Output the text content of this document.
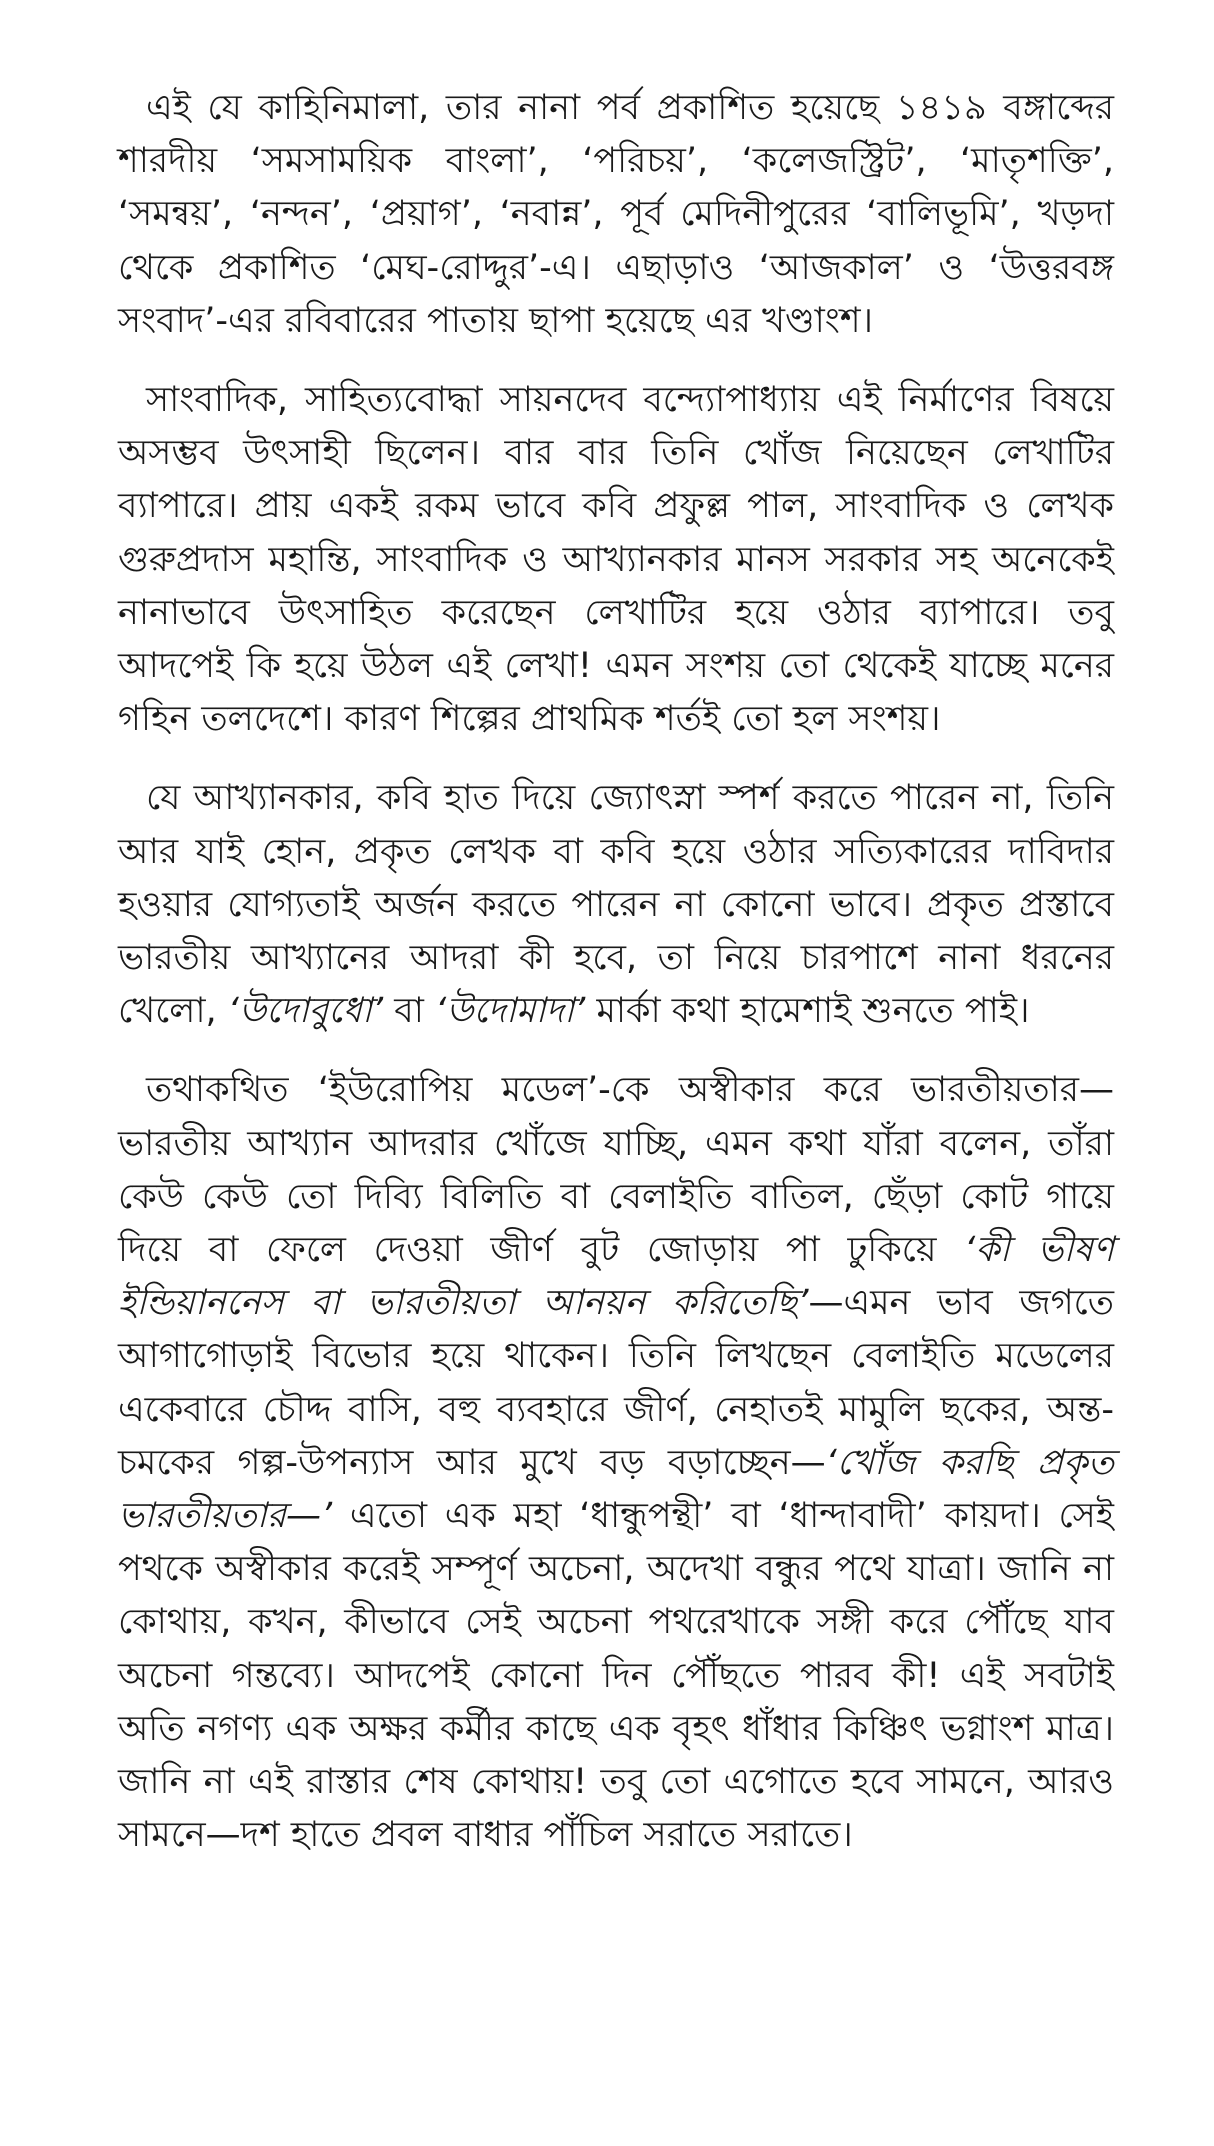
এই যে কাহিনিমালা, তার নানা পর্ব প্রকাশিত হয়েছে ১৪১৯ বঙ্গাব্দের শারদীয় ‘সমসাময়িক বাংলা’, ‘পরিচয়’, ‘কলেজস্ট্রিট’, ‘মাতৃশক্তি’, ‘সমন্বয়’, ‘নন্দন’, ‘প্রয়াগ’, ‘নবান্ন’, পূর্ব মেদিনীপুরের ‘বালিভূমি’, খড়দা থেকে প্রকাশিত ‘মেঘ-রোদ্দুর’-এ। এছাড়াও ‘আজকাল’ ও ‘উত্তরবঙ্গ সংবাদ’-এর রবিবারের পাতায় ছাপা হয়েছে এর খণ্ডাংশ।

সাংবাদিক, সাহিত্যবোদ্ধা সায়নদেব বন্দ্যোপাধ্যায় এই নির্মাণের বিষয়ে অসম্ভব উৎসাহী ছিলেন। বার বার তিনি খোঁজ নিয়েছেন লেখাটির ব্যাপারে। প্রায় একই রকম ভাবে কবি প্রফুল্ল পাল, সাংবাদিক ও লেখক গুরুপ্রদাস মহান্তি, সাংবাদিক ও আখ্যানকার মানস সরকার সহ অনেকেই নানাভাবে উৎসাহিত করেছেন লেখাটির হয়ে ওঠার ব্যাপারে। তবু আদপেই কি হয়ে উঠল এই লেখা! এমন সংশয় তো থেকেই যাচ্ছে মনের গহিন তলদেশে। কারণ শিল্পের প্রাথমিক শর্তই তো হল সংশয়।

যে আখ্যানকার, কবি হাত দিয়ে জ্যোৎস্না স্পর্শ করতে পারেন না, তিনি আর যাই হোন, প্রকৃত লেখক বা কবি হয়ে ওঠার সত্যিকারের দাবিদার হওয়ার যোগ্যতাই অর্জন করতে পারেন না কোনো ভাবে। প্রকৃত প্রস্তাবে ভারতীয় আখ্যানের আদরা কী হবে, তা নিয়ে চারপাশে নানা ধরনের খেলো, ‘উদোবুধো’ বা ‘উদোমাদা’ মার্কা কথা হামেশাই শুনতে পাই।

তথাকথিত ‘ইউরোপিয় মডেল’-কে অস্বীকার করে ভারতীয়তার—ভারতীয় আখ্যান আদরার খোঁজে যাচ্ছি, এমন কথা যাঁরা বলেন, তাঁরা কেউ কেউ তো দিব্যি বিলিতি বা বেলাইতি বাতিল, ছেঁড়া কোট গায়ে দিয়ে বা ফেলে দেওয়া জীর্ণ বুট জোড়ায় পা ঢুকিয়ে ‘কী ভীষণ ইন্ডিয়াননেস বা ভারতীয়তা আনয়ন করিতেছি’—এমন ভাব জগতে আগাগোড়াই বিভোর হয়ে থাকেন। তিনি লিখছেন বেলাইতি মডেলের একেবারে চৌদ্দ বাসি, বহু ব্যবহারে জীর্ণ, নেহাতই মামুলি ছকের, অন্ত-চমকের গল্প-উপন্যাস আর মুখে বড় বড়াচ্ছেন—‘খোঁজ করছি প্রকৃত ভারতীয়তার—’ এতো এক মহা ‘ধান্ধুপন্থী’ বা ‘ধান্দাবাদী’ কায়দা। সেই পথকে অস্বীকার করেই সম্পূর্ণ অচেনা, অদেখা বন্ধুর পথে যাত্রা। জানি না কোথায়, কখন, কীভাবে সেই অচেনা পথরেখাকে সঙ্গী করে পৌঁছে যাব অচেনা গন্তব্যে। আদপেই কোনো দিন পৌঁছতে পারব কী! এই সবটাই অতি নগণ্য এক অক্ষর কর্মীর কাছে এক বৃহৎ ধাঁধার কিঞ্চিৎ ভগ্নাংশ মাত্র। জানি না এই রাস্তার শেষ কোথায়! তবু তো এগোতে হবে সামনে, আরও সামনে—দশ হাতে প্রবল বাধার পাঁচিল সরাতে সরাতে।
